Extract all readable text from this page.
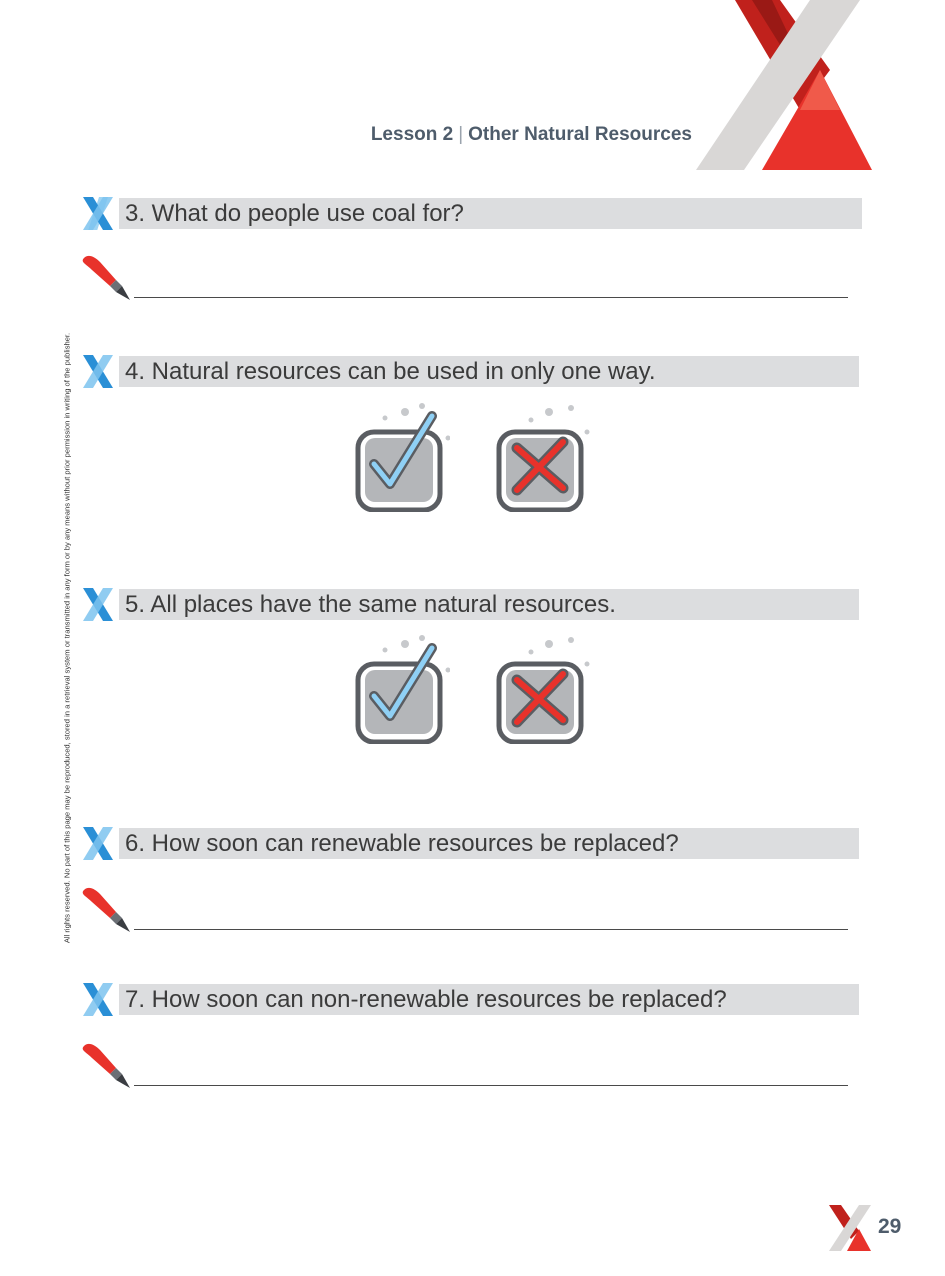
Lesson 2 | Other Natural Resources
All rights reserved. No part of this page may be reproduced, stored in a retrieval system or transmitted in any form or by any means without prior permission in writing of the publisher.
3. What do people use coal for?
4. Natural resources can be used in only one way.
5. All places have the same natural resources.
6. How soon can renewable resources be replaced?
7. How soon can non-renewable resources be replaced?
29
